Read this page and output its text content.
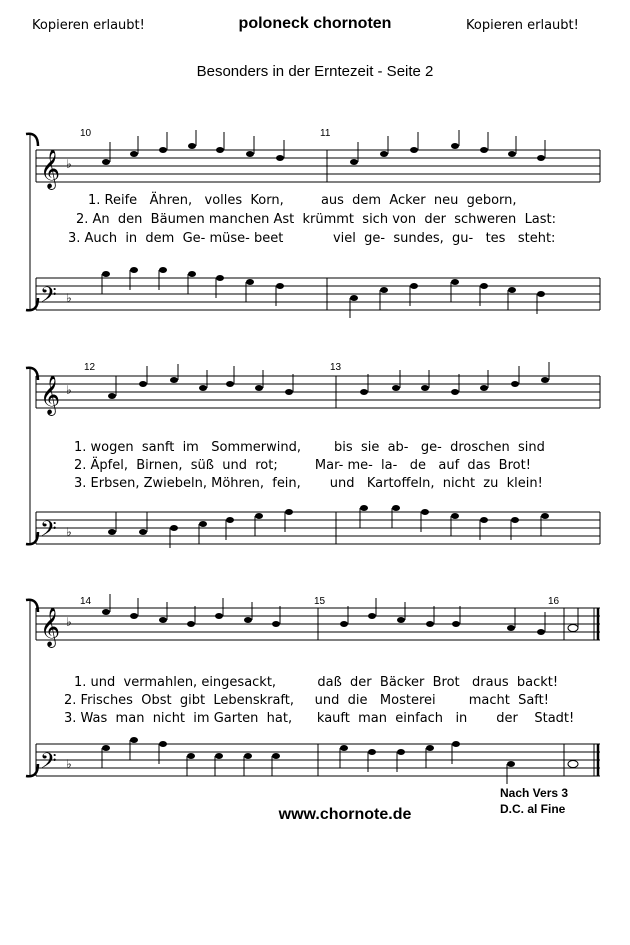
Kopieren erlaubt!	poloneck chornoten	Kopieren erlaubt!
Besonders in der Erntezeit - Seite 2
𝄞
𝄢
♭
♭
10	11
1. Reife   Ähren,   volles  Korn,         aus  dem  Acker  neu  geborn,
2. An  den  Bäumen manchen Ast  krümmt  sich von  der  schweren  Last:
3. Auch  in  dem  Ge- müse- beet            viel  ge-  sundes,  gu-   tes   steht:
𝄞
𝄢
♭
♭
12	13
1. wogen  sanft  im   Sommerwind,        bis  sie  ab-   ge-  droschen  sind
2. Äpfel,  Birnen,  süß  und  rot;         Mar- me-  la-   de   auf  das  Brot!
3. Erbsen, Zwiebeln, Möhren,  fein,       und   Kartoffeln,  nicht  zu  klein!
𝄞
𝄢
♭
♭
14	15	16
1. und  vermahlen, eingesackt,          daß  der  Bäcker  Brot   draus  backt!
2. Frisches  Obst  gibt  Lebenskraft,     und  die   Mosterei        macht  Saft!
3. Was  man  nicht  im Garten  hat,      kauft  man  einfach   in       der    Stadt!
Nach Vers 3
D.C. al Fine
www.chornote.de
